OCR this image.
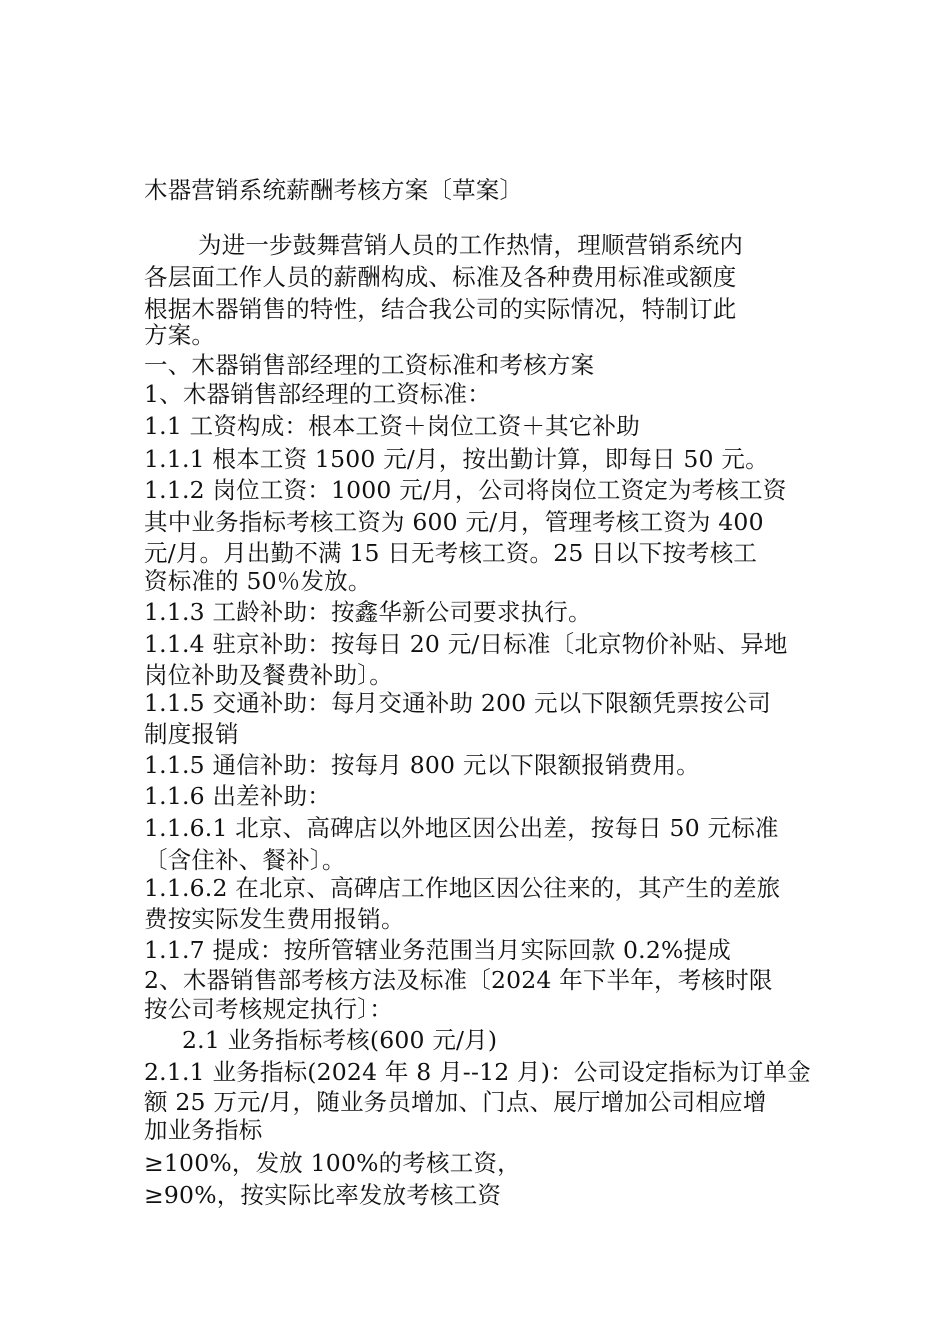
木器营销系统薪酬考核方案〔草案〕
为进一步鼓舞营销人员的工作热情，理顺营销系统内
各层面工作人员的薪酬构成、标准及各种费用标准或额度
根据木器销售的特性，结合我公司的实际情况，特制订此
方案。
一、木器销售部经理的工资标准和考核方案
1、木器销售部经理的工资标准：
1.1 工资构成：根本工资＋岗位工资＋其它补助
1.1.1 根本工资 1500 元/月，按出勤计算，即每日 50 元。
1.1.2 岗位工资：1000 元/月，公司将岗位工资定为考核工资
其中业务指标考核工资为 600 元/月，管理考核工资为 400
元/月。月出勤不满 15 日无考核工资。25 日以下按考核工
资标准的 50％发放。
1.1.3 工龄补助：按鑫华新公司要求执行。
1.1.4 驻京补助：按每日 20 元/日标准〔北京物价补贴、异地
岗位补助及餐费补助〕。
1.1.5 交通补助：每月交通补助 200 元以下限额凭票按公司
制度报销
1.1.5 通信补助：按每月 800 元以下限额报销费用。
1.1.6 出差补助：
1.1.6.1 北京、高碑店以外地区因公出差，按每日 50 元标准
〔含住补、餐补〕。
1.1.6.2 在北京、高碑店工作地区因公往来的，其产生的差旅
费按实际发生费用报销。
1.1.7 提成：按所管辖业务范围当月实际回款 0.2%提成
2、木器销售部考核方法及标准〔2024 年下半年，考核时限
按公司考核规定执行〕：
2.1 业务指标考核(600 元/月)
2.1.1 业务指标(2024 年 8 月--12 月)：公司设定指标为订单金
额 25 万元/月，随业务员增加、门点、展厅增加公司相应增
加业务指标
≥100%，发放 100%的考核工资，
≥90%，按实际比率发放考核工资
